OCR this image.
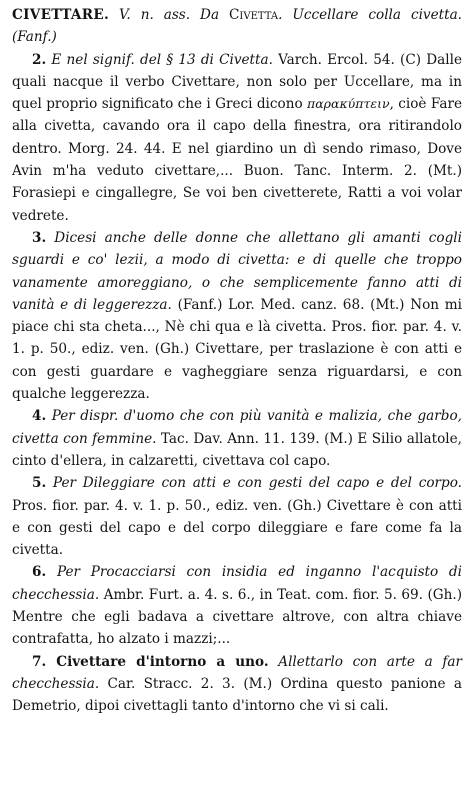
CIVETTARE. V. n. ass. Da Civetta. Uccellare colla civetta. (Fanf.)

2. E nel signif. del § 13 di Civetta. Varch. Ercol. 54. (C) Dalle quali nacque il verbo Civettare, non solo per Uccellare, ma in quel proprio significato che i Greci dicono παρακύπτειν, cioè Fare alla civetta, cavando ora il capo della finestra, ora ritirandolo dentro. Morg. 24. 44. E nel giardino un dì sendo rimaso, Dove Avin m'ha veduto civettare,... Buon. Tanc. Interm. 2. (Mt.) Forasiepi e cingallegre, Se voi ben civetterete, Ratti a voi volar vedrete.

3. Dicesi anche delle donne che allettano gli amanti cogli sguardi e co' lezii, a modo di civetta: e di quelle che troppo vanamente amoreggiano, o che semplicemente fanno atti di vanità e di leggerezza. (Fanf.) Lor. Med. canz. 68. (Mt.) Non mi piace chi sta cheta..., Nè chi qua e là civetta. Pros. fior. par. 4. v. 1. p. 50., ediz. ven. (Gh.) Civettare, per traslazione è con atti e con gesti guardare e vagheggiare senza riguardarsi, e con qualche leggerezza.

4. Per dispr. d'uomo che con più vanità e malizia, che garbo, civetta con femmine. Tac. Dav. Ann. 11. 139. (M.) E Silio allatole, cinto d'ellera, in calzaretti, civettava col capo.

5. Per Dileggiare con atti e con gesti del capo e del corpo. Pros. fior. par. 4. v. 1. p. 50., ediz. ven. (Gh.) Civettare è con atti e con gesti del capo e del corpo dileggiare e fare come fa la civetta.

6. Per Procacciarsi con insidia ed inganno l'acquisto di checchessia. Ambr. Furt. a. 4. s. 6., in Teat. com. fior. 5. 69. (Gh.) Mentre che egli badava a civettare altrove, con altra chiave contrafatta, ho alzato i mazzi;...

7. Civettare d'intorno a uno. Allettarlo con arte a far checchessia. Car. Stracc. 2. 3. (M.) Ordina questo panione a Demetrio, dipoi civettagli tanto d'intorno che vi si cali.
